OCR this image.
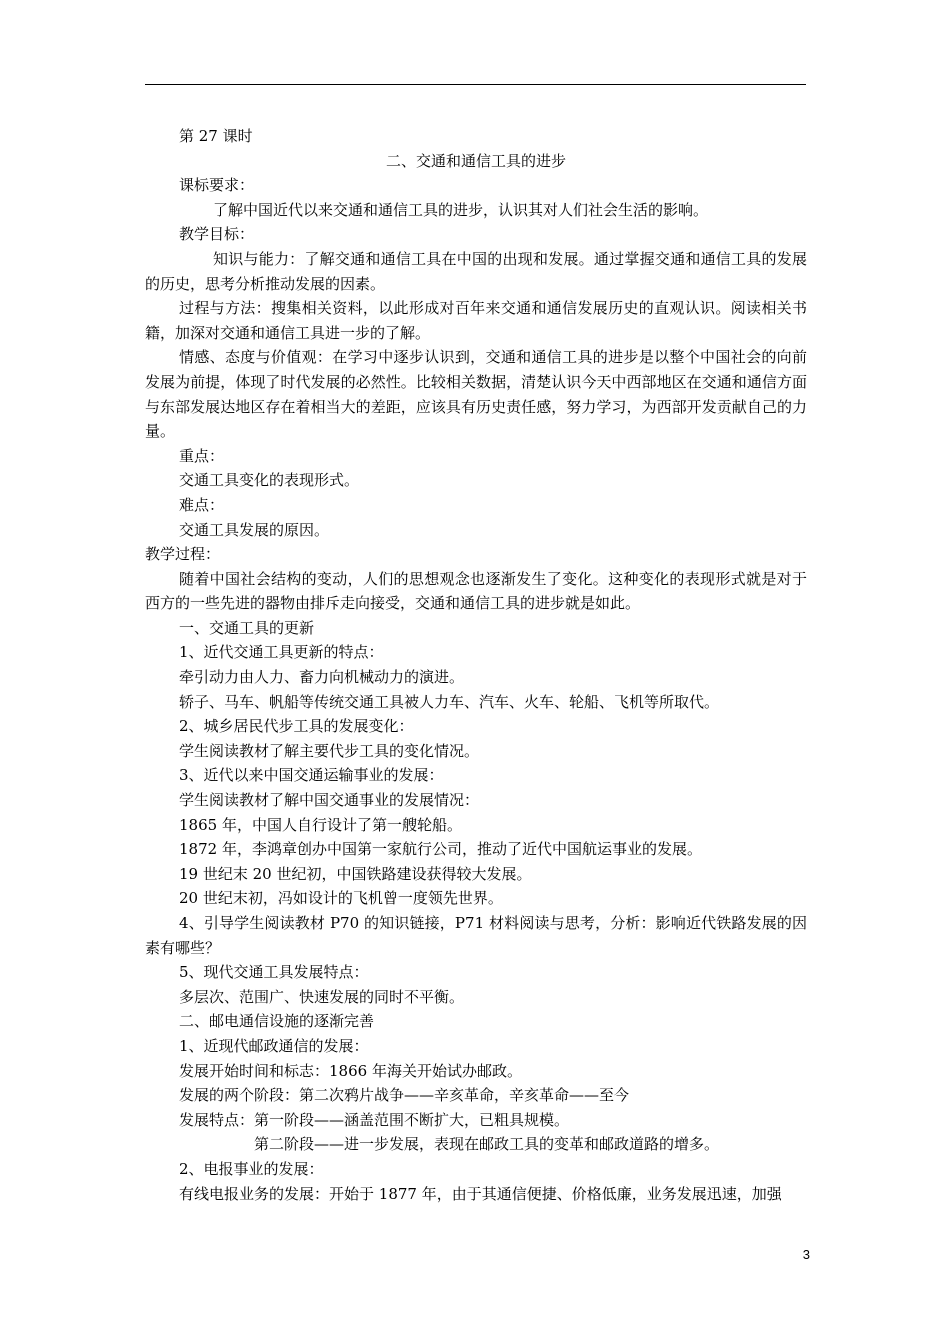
第 27 课时

二、交通和通信工具的进步

课标要求：

了解中国近代以来交通和通信工具的进步，认识其对人们社会生活的影响。

教学目标：

知识与能力：了解交通和通信工具在中国的出现和发展。通过掌握交通和通信工具的发展的历史，思考分析推动发展的因素。

过程与方法：搜集相关资料，以此形成对百年来交通和通信发展历史的直观认识。阅读相关书籍，加深对交通和通信工具进一步的了解。

情感、态度与价值观：在学习中逐步认识到，交通和通信工具的进步是以整个中国社会的向前发展为前提，体现了时代发展的必然性。比较相关数据，清楚认识今天中西部地区在交通和通信方面与东部发展达地区存在着相当大的差距，应该具有历史责任感，努力学习，为西部开发贡献自己的力量。

重点：

交通工具变化的表现形式。

难点：

交通工具发展的原因。

教学过程：

随着中国社会结构的变动，人们的思想观念也逐渐发生了变化。这种变化的表现形式就是对于西方的一些先进的器物由排斥走向接受，交通和通信工具的进步就是如此。

一、交通工具的更新

1、近代交通工具更新的特点：

牵引动力由人力、畜力向机械动力的演进。

轿子、马车、帆船等传统交通工具被人力车、汽车、火车、轮船、飞机等所取代。

2、城乡居民代步工具的发展变化：

学生阅读教材了解主要代步工具的变化情况。

3、近代以来中国交通运输事业的发展：

学生阅读教材了解中国交通事业的发展情况：

1865 年，中国人自行设计了第一艘轮船。

1872 年，李鸿章创办中国第一家航行公司，推动了近代中国航运事业的发展。

19 世纪末 20 世纪初，中国铁路建设获得较大发展。

20 世纪末初，冯如设计的飞机曾一度领先世界。

4、引导学生阅读教材 P70 的知识链接，P71 材料阅读与思考，分析：影响近代铁路发展的因素有哪些？

5、现代交通工具发展特点：

多层次、范围广、快速发展的同时不平衡。

二、邮电通信设施的逐渐完善

1、近现代邮政通信的发展：

发展开始时间和标志：1866 年海关开始试办邮政。

发展的两个阶段：第二次鸦片战争——辛亥革命，辛亥革命——至今

发展特点：第一阶段——涵盖范围不断扩大，已粗具规模。

　　　　　第二阶段——进一步发展，表现在邮政工具的变革和邮政道路的增多。

2、电报事业的发展：

有线电报业务的发展：开始于 1877 年，由于其通信便捷、价格低廉，业务发展迅速，加强

3
